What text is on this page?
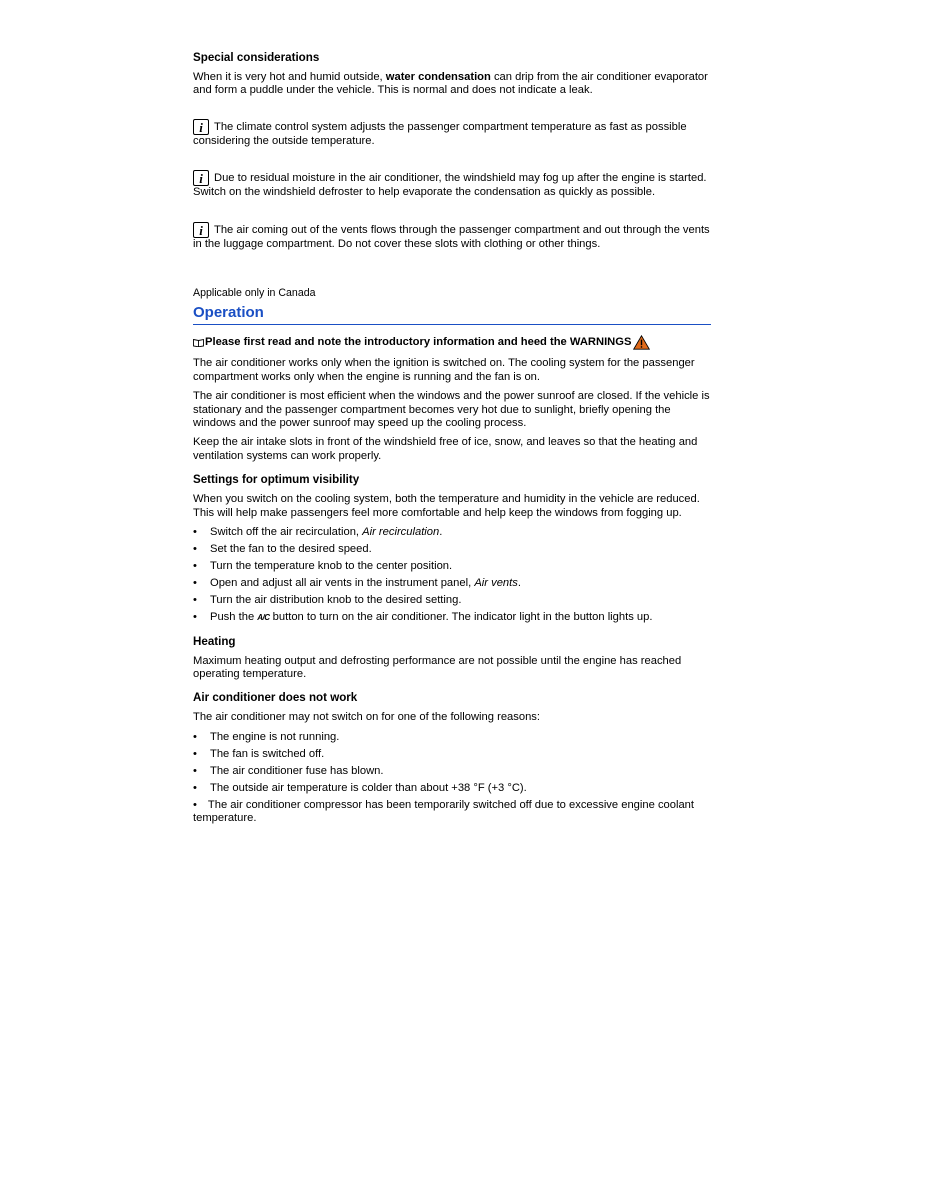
Special considerations

When it is very hot and humid outside, water condensation can drip from the air conditioner evaporator and form a puddle under the vehicle. This is normal and does not indicate a leak.

i The climate control system adjusts the passenger compartment temperature as fast as possible considering the outside temperature.

i Due to residual moisture in the air conditioner, the windshield may fog up after the engine is started. Switch on the windshield defroster to help evaporate the condensation as quickly as possible.

i The air coming out of the vents flows through the passenger compartment and out through the vents in the luggage compartment. Do not cover these slots with clothing or other things.

Applicable only in Canada
Operation
Please first read and note the introductory information and heed the WARNINGS

The air conditioner works only when the ignition is switched on. The cooling system for the passenger compartment works only when the engine is running and the fan is on.

The air conditioner is most efficient when the windows and the power sunroof are closed. If the vehicle is stationary and the passenger compartment becomes very hot due to sunlight, briefly opening the windows and the power sunroof may speed up the cooling process.

Keep the air intake slots in front of the windshield free of ice, snow, and leaves so that the heating and ventilation systems can work properly.

Settings for optimum visibility

When you switch on the cooling system, both the temperature and humidity in the vehicle are reduced. This will help make passengers feel more comfortable and help keep the windows from fogging up.

• Switch off the air recirculation, Air recirculation.
• Set the fan to the desired speed.
• Turn the temperature knob to the center position.
• Open and adjust all air vents in the instrument panel, Air vents.
• Turn the air distribution knob to the desired setting.
• Push the A/C button to turn on the air conditioner. The indicator light in the button lights up.
Heating

Maximum heating output and defrosting performance are not possible until the engine has reached operating temperature.

Air conditioner does not work

The air conditioner may not switch on for one of the following reasons:

• The engine is not running.
• The fan is switched off.
• The air conditioner fuse has blown.
• The outside air temperature is colder than about +38 °F (+3 °C).
• The air conditioner compressor has been temporarily switched off due to excessive engine coolant temperature.
